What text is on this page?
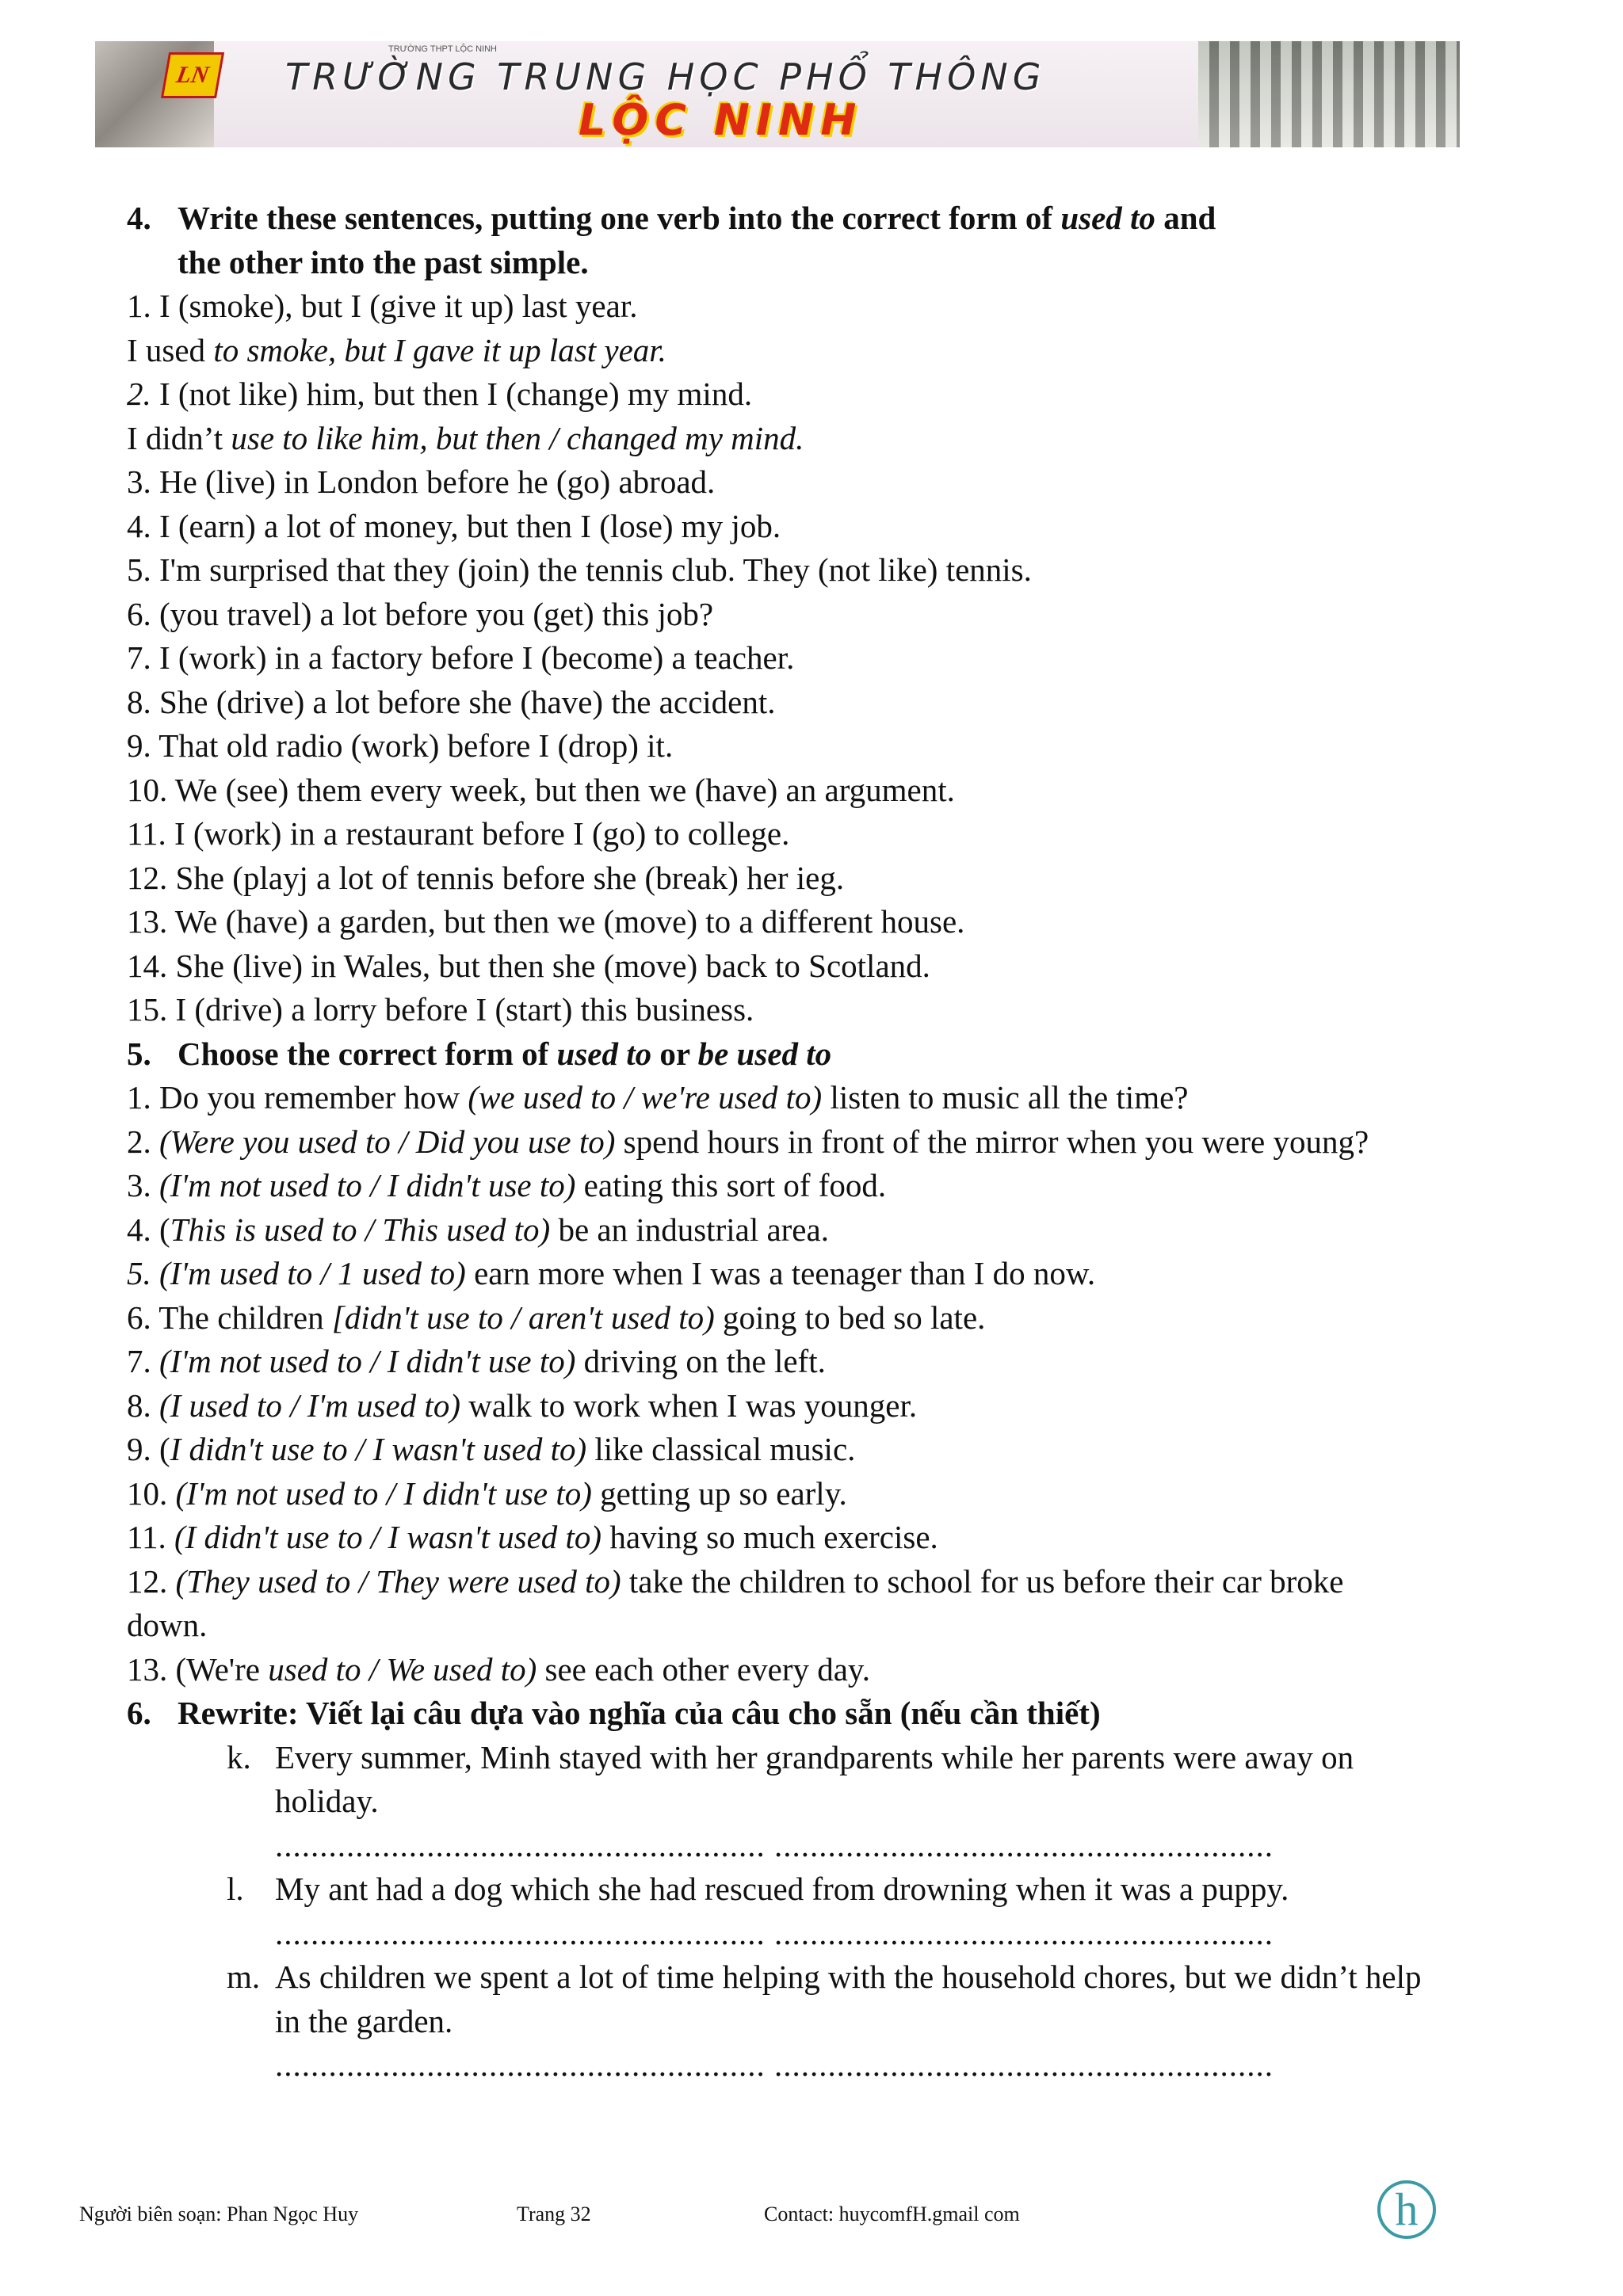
LN
TRƯỜNG THPT LỘC NINH
TRƯỜNG TRUNG HỌC PHỔ THÔNG
LỘC NINH
4. Write these sentences, putting one verb into the correct form of used to and
the other into the past simple.
1. I (smoke), but I (give it up) last year.
I used to smoke, but I gave it up last year.
2. I (not like) him, but then I (change) my mind.
I didn’t use to like him, but then / changed my mind.
3. He (live) in London before he (go) abroad.
4. I (earn) a lot of money, but then I (lose) my job.
5. I'm surprised that they (join) the tennis club. They (not like) tennis.
6. (you travel) a lot before you (get) this job?
7. I (work) in a factory before I (become) a teacher.
8. She (drive) a lot before she (have) the accident.
9. That old radio (work) before I (drop) it.
10. We (see) them every week, but then we (have) an argument.
11. I (work) in a restaurant before I (go) to college.
12. She (playj a lot of tennis before she (break) her ieg.
13. We (have) a garden, but then we (move) to a different house.
14. She (live) in Wales, but then she (move) back to Scotland.
15. I (drive) a lorry before I (start) this business.
5. Choose the correct form of used to or be used to
1. Do you remember how (we used to / we're used to) listen to music all the time?
2. (Were you used to / Did you use to) spend hours in front of the mirror when you were young?
3. (I'm not used to / I didn't use to) eating this sort of food.
4. (This is used to / This used to) be an industrial area.
5. (I'm used to / 1 used to) earn more when I was a teenager than I do now.
6. The children [didn't use to / aren't used to) going to bed so late.
7. (I'm not used to / I didn't use to) driving on the left.
8. (I used to / I'm used to) walk to work when I was younger.
9. (I didn't use to / I wasn't used to) like classical music.
10. (I'm not used to / I didn't use to) getting up so early.
11. (I didn't use to / I wasn't used to) having so much exercise.
12. (They used to / They were used to) take the children to school for us before their car broke down.
13. (We're used to / We used to) see each other every day.
6. Rewrite: Viết lại câu dựa vào nghĩa của câu cho sẵn (nếu cần thiết)
k. Every summer, Minh stayed with her grandparents while her parents were away on holiday.
....................................................... ........................................................
l. My ant had a dog which she had rescued from drowning when it was a puppy.
....................................................... ........................................................
m. As children we spent a lot of time helping with the household chores, but we didn’t help in the garden.
....................................................... ........................................................
Người biên soạn: Phan Ngọc Huy	Trang 32	Contact: huycomfH.gmail com	h
